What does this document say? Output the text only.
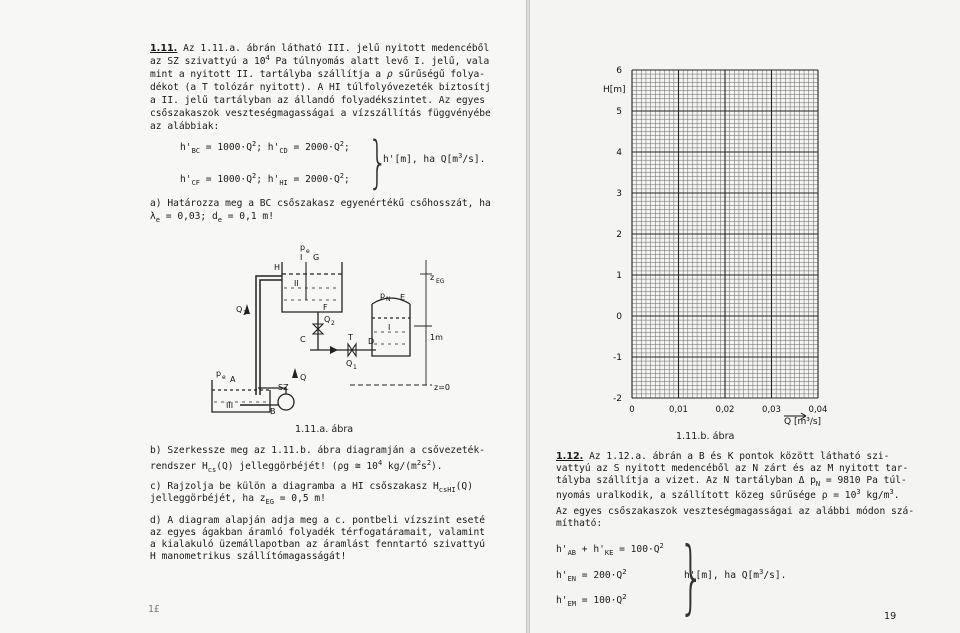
1.11. Az 1.11.a. ábrán látható III. jelű nyitott medencéből
az SZ szivattyú a $10^4$ Pa túlnyomás alatt levő I. jelű, vala
mint a nyitott II. tartályba szállítja a ρ sűrűségű folya-
dékot (a T tolózár nyitott). A HI túlfolyóvezeték biztosítj
a II. jelű tartályban az állandó folyadékszintet. Az egyes
csőszakaszok veszteségmagasságai a vízszállítás függvényébe
az alábbiak:
$h'_{BC} = 1000\cdot Q^2$; $h'_{CD} = 2000\cdot Q^2$;
$h'_{CF} = 1000\cdot Q^2$; $h'_{HI} = 2000\cdot Q^2$; }
h'[m], ha $Q[m^3/s]$.
a) Határozza meg a BC csőszakasz egyenértékű csőhosszát, ha
$\lambda_e = 0,03$; $d_e = 0,1$ m!
p e
H
I G
II
z EG
p N E
F
I
Q 2
Q 2
C	T D
Q 1
1m
Q
p e A
SZ
III
B
z=0
1.11.a. ábra
b) Szerkessze meg az 1.11.b. ábra diagramján a csővezeték-
rendszer $H_{cs}(Q)$ jelleggörbéjét! (ρg ≅ $10^4$ $kg/(m^2s^2)$.
c) Rajzolja be külön a diagramba a HI csőszakasz $H_{csHI}(Q)$
jelleggörbéjét, ha $z_{EG} = 0,5$ m!
d) A diagram alapján adja meg a c. pontbeli vízszint eseté
az egyes ágakban áramló folyadék térfogatáramait, valamint
a kialakuló üzemállapotban az áramlást fenntartó szivattyú
H manometrikus szállítómagasságát!
1£
-2
-1
0
1
2
3
4
5
6
0	0,01	0,02	0,03	0,04
H[m]
Q [m³/s]
1.11.b. ábra
1.12. Az 1.12.a. ábrán a B és K pontok között látható szi-
vattyú az S nyitott medencéből az N zárt és az M nyitott tar-
tályba szállítja a vizet. Az N tartályban Δ $p_N = 9810$ Pa túl-
nyomás uralkodik, a szállított közeg sűrűsége $\rho = 10^3$ $kg/m^3$.
Az egyes csőszakaszok veszteségmagasságai az alábbi módon szá-
mítható:
$h'_{AB} + h'_{KE} = 100\cdot Q^2$
$h'_{EN} = 200\cdot Q^2$
$h'_{EM} = 100\cdot Q^2$ }
h'[m], ha $Q[m^3/s]$.
19
